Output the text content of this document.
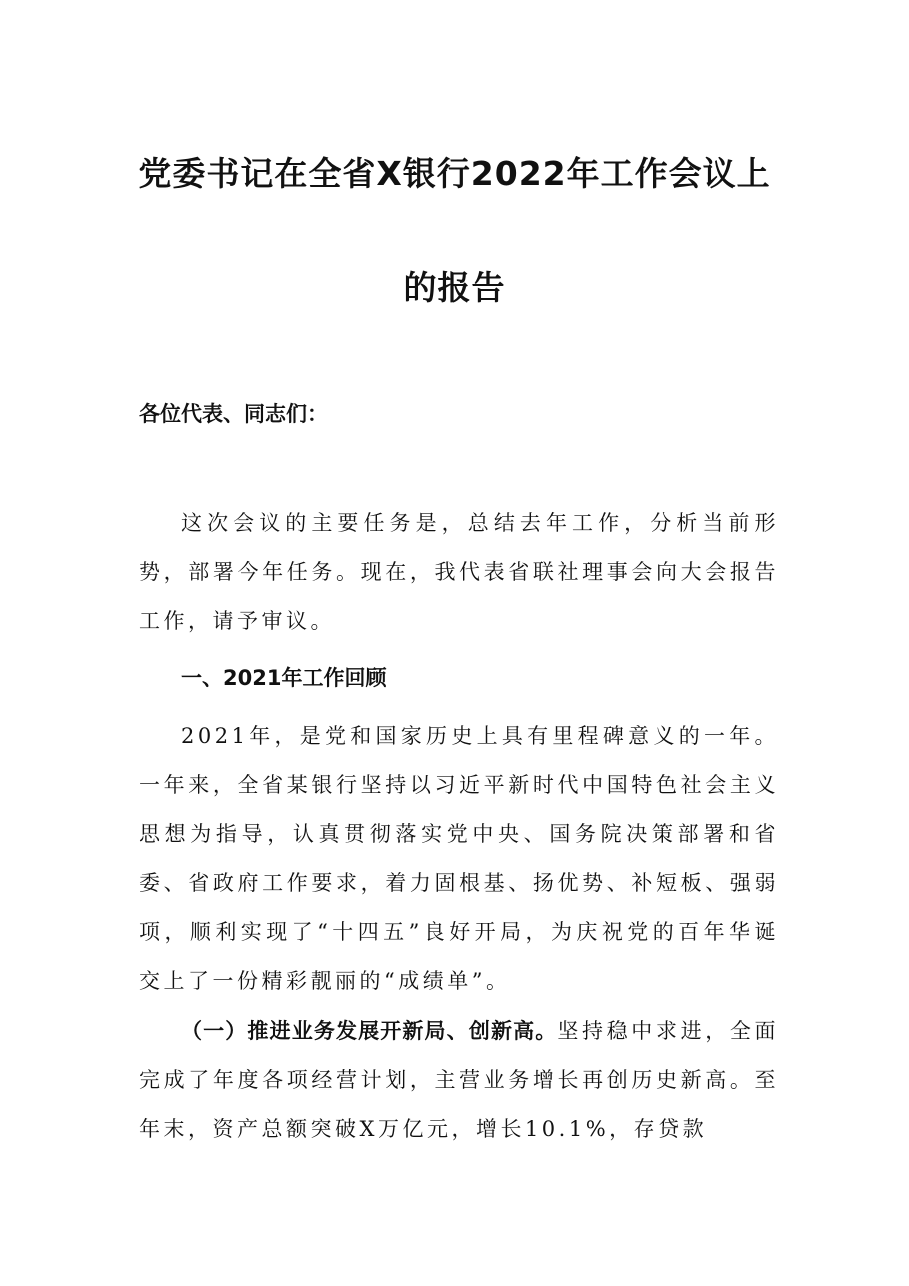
党委书记在全省X银行2022年工作会议上
的报告
各位代表、同志们：
这次会议的主要任务是，总结去年工作，分析当前形势，部署今年任务。现在，我代表省联社理事会向大会报告工作，请予审议。
一、2021年工作回顾
2021年，是党和国家历史上具有里程碑意义的一年。一年来，全省某银行坚持以习近平新时代中国特色社会主义思想为指导，认真贯彻落实党中央、国务院决策部署和省委、省政府工作要求，着力固根基、扬优势、补短板、强弱项，顺利实现了“十四五”良好开局，为庆祝党的百年华诞交上了一份精彩靓丽的“成绩单”。
（一）推进业务发展开新局、创新高。坚持稳中求进，全面完成了年度各项经营计划，主营业务增长再创历史新高。至年末，资产总额突破X万亿元，增长10.1%，存贷款
